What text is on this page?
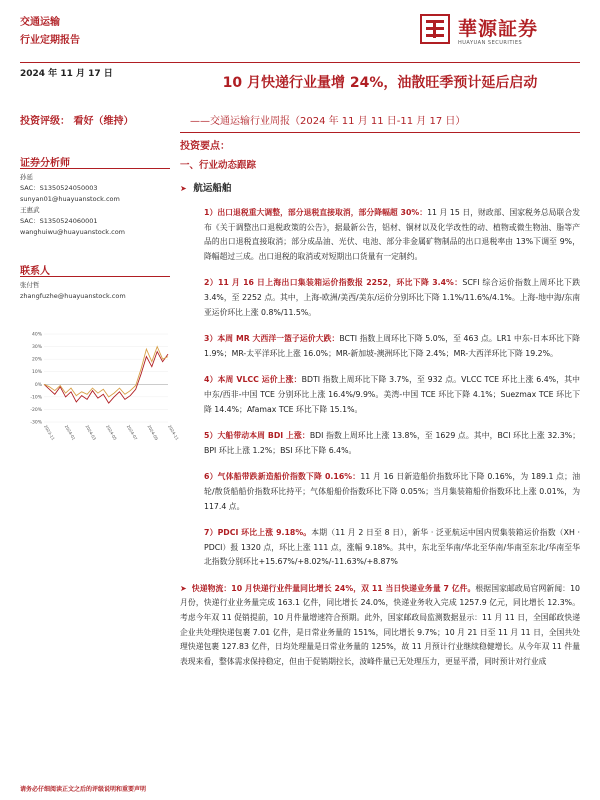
交通运输
行业定期报告
華源証券
HUAYUAN SECURITIES
2024 年 11 月 17 日
10 月快递行业量增 24%，油散旺季预计延后启动
投资评级： 看好（维持）	——交通运输行业周报（2024 年 11 月 11 日-11 月 17 日）
投资要点：
证券分析师
孙延
SAC：S1350524050003
sunyan01@huayuanstock.com
王惠武
SAC：S1350524060001
wanghuiwu@huayuanstock.com
联系人
张付哲
zhangfuzhe@huayuanstock.com
40%
30%
20%
10%
0%
-10%
-20%
-30%
2023-11 2024-01 2024-03 2024-05 2024-07 2024-09 2024-11
一、行业动态跟踪
➤ 航运船舶
1）出口退税重大调整，部分退税直接取消，部分降幅超 30%：11 月 15 日，财政部、国家税务总局联合发布《关于调整出口退税政策的公告》，据最新公告，铝材、铜材以及化学改性的动、植物或微生物油、脂等产品的出口退税直接取消；部分成品油、光伏、电池、部分非金属矿物制品的出口退税率由 13%下调至 9%，降幅超过三成。出口退税的取消或对短期出口货量有一定制约。
2）11 月 16 日上海出口集装箱运价指数报 2252，环比下降 3.4%：SCFI 综合运价指数上周环比下跌 3.4%，至 2252 点。其中，上海-欧洲/美西/美东/运价分别环比下降 1.1%/11.6%/4.1%。上海-地中海/东南亚运价环比上涨 0.8%/11.5%。
3）本周 MR 大西洋一篮子运价大跌：BCTI 指数上周环比下降 5.0%，至 463 点。LR1 中东-日本环比下降 1.9%；MR-太平洋环比上涨 16.0%；MR-新加坡-澳洲环比下降 2.4%；MR-大西洋环比下降 19.2%。
4）本周 VLCC 运价上涨：BDTI 指数上周环比下降 3.7%，至 932 点。VLCC TCE 环比上涨 6.4%，其中中东/西非-中国 TCE 分别环比上涨 16.4%/9.9%。美湾-中国 TCE 环比下降 4.1%；Suezmax TCE 环比下降 14.4%；Afamax TCE 环比下降 15.1%。
5）大船带动本周 BDI 上涨：BDI 指数上周环比上涨 13.8%，至 1629 点。其中，BCI 环比上涨 32.3%；BPI 环比上涨 1.2%；BSI 环比下降 6.4%。
6）气体船带跌新造船价指数下降 0.16%：11 月 16 日新造船价指数环比下降 0.16%，为 189.1 点；油轮/散货船船价指数环比持平；气体船船价指数环比下降 0.05%；当月集装箱船价指数环比上涨 0.01%，为 117.4 点。
7）PDCI 环比上涨 9.18%。本期（11 月 2 日至 8 日），新华 · 泛亚航运中国内贸集装箱运价指数（XH · PDCI）报 1320 点，环比上涨 111 点，涨幅 9.18%。其中，东北至华南/华北至华南/华南至东北/华南至华北指数分别环比+15.67%/+8.02%/-11.63%/+8.87%
➤ 快递物流：10 月快递行业件量同比增长 24%，双 11 当日快递业务量 7 亿件。根据国家邮政局官网新闻：10 月份，快递行业业务量完成 163.1 亿件，同比增长 24.0%，快递业务收入完成 1257.9 亿元，同比增长 12.3%。考虑今年双 11 促销提前，10 月件量增速符合预期。此外，国家邮政局监测数据显示：11 月 11 日，全国邮政快递企业共处理快递包裹 7.01 亿件，是日常业务量的 151%，同比增长 9.7%；10 月 21 日至 11 月 11 日，全国共处理快递包裹 127.83 亿件，日均处理量是日常业务量的 125%，故 11 月预计行业继续稳健增长。从今年双 11 件量表现来看，整体需求保持稳定，但由于促销期拉长，波峰件量已无处理压力，更显平滑，同时预计对行业成
请务必仔细阅读正文之后的评级说明和重要声明
